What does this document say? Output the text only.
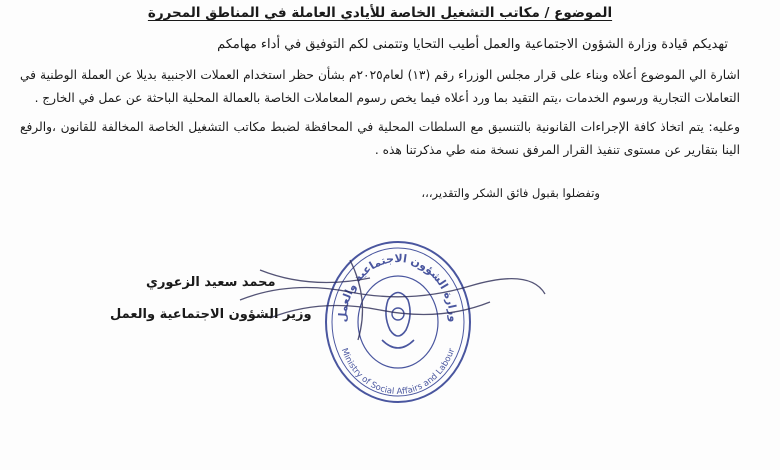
الموضوع / مكاتب التشغيل الخاصة للأيادي العاملة في المناطق المحررة
تهديكم قيادة وزارة الشؤون الاجتماعية والعمل أطيب التحايا وتتمنى لكم التوفيق في أداء مهامكم
اشارة الي الموضوع أعلاه وبناء على قرار مجلس الوزراء رقم (١٣) لعام٢٠٢٥م بشأن حظر استخدام العملات الاجنبية بديلا عن العملة الوطنية في التعاملات التجارية ورسوم الخدمات ،يتم التقيد بما ورد أعلاه فيما يخص رسوم المعاملات الخاصة بالعمالة المحلية الباحثة عن عمل في الخارج .
وعليه: يتم اتخاذ كافة الإجراءات القانونية بالتنسيق مع السلطات المحلية في المحافظة لضبط مكاتب التشغيل الخاصة المخالفة للقانون ،والرفع الينا بتقارير عن مستوى تنفيذ القرار المرفق نسخة منه طي مذكرتنا هذه .
وتفضلوا بقبول فائق الشكر والتقدير،،،
وزارة الشؤون الاجتماعية والعمل
Ministry of Social Affairs and Labour
محمد سعيد الزعوري
وزير الشؤون الاجتماعية والعمل
